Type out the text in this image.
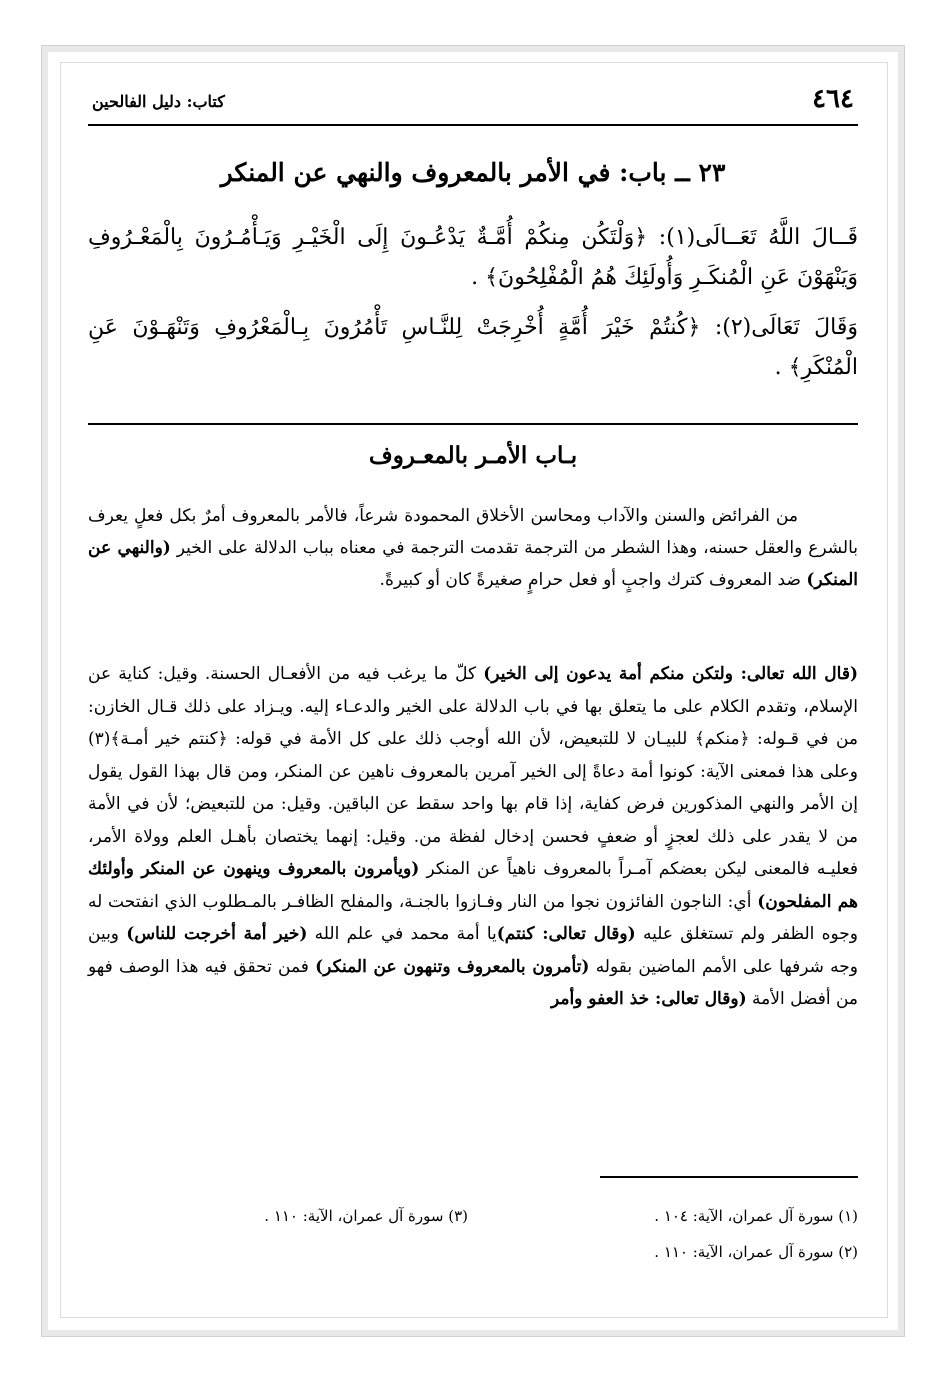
٤٦٤
كتاب: دليل الفالحين
٢٣ ــ باب: في الأمر بالمعروف والنهي عن المنكر
قَــالَ اللَّهُ تَعَــالَى(١): ﴿وَلْتَكُن مِنكُمْ أُمَّـةٌ يَدْعُـونَ إِلَى الْخَيْـرِ وَيَـأْمُـرُونَ بِالْمَعْـرُوفِ وَيَنْهَوْنَ عَنِ الْمُنكَـرِ وَأُولَئِكَ هُمُ الْمُفْلِحُونَ﴾ .
وَقَالَ تَعَالَى(٢): ﴿كُنتُمْ خَيْرَ أُمَّةٍ أُخْرِجَتْ لِلنَّـاسِ تَأْمُرُونَ بِـالْمَعْرُوفِ وَتَنْهَـوْنَ عَنِ الْمُنْكَرِ﴾ .
بـاب الأمـر بالمعـروف

من الفرائض والسنن والآداب ومحاسن الأخلاق المحمودة شرعاً، فالأمر بالمعروف أمرٌ بكل فعلٍ يعرف بالشرع والعقل حسنه، وهذا الشطر من الترجمة تقدمت الترجمة في معناه بباب الدلالة على الخير (والنهي عن المنكر) ضد المعروف كترك واجبٍ أو فعل حرامٍ صغيرةً كان أو كبيرةً.

(قال الله تعالى: ولتكن منكم أمة يدعون إلى الخير) كلّ ما يرغب فيه من الأفعـال الحسنة. وقيل: كناية عن الإسلام، وتقدم الكلام على ما يتعلق بها في باب الدلالة على الخير والدعـاء إليه. ويـزاد على ذلك قـال الخازن: من في قـوله: ﴿منكم﴾ للبيـان لا للتبعيض، لأن الله أوجب ذلك على كل الأمة في قوله: ﴿كنتم خير أمـة﴾(٣) وعلى هذا فمعنى الآية: كونوا أمة دعاةً إلى الخير آمرين بالمعروف ناهين عن المنكر، ومن قال بهذا القول يقول إن الأمر والنهي المذكورين فرض كفاية، إذا قام بها واحد سقط عن الباقين. وقيل: من للتبعيض؛ لأن في الأمة من لا يقدر على ذلك لعجزٍ أو ضعفٍ فحسن إدخال لفظة من. وقيل: إنهما يختصان بأهـل العلم وولاة الأمر، فعليـه فالمعنى ليكن بعضكم آمـراً بالمعروف ناهياً عن المنكر (ويأمرون بالمعروف وينهون عن المنكر وأولئك هم المفلحون) أي: الناجون الفائزون نجوا من النار وفـازوا بالجنـة، والمفلح الظافـر بالمـطلوب الذي انفتحت له وجوه الظفر ولم تستغلق عليه (وقال تعالى: كنتم)يا أمة محمد في علم الله (خير أمة أخرجت للناس) وبين وجه شرفها على الأمم الماضين بقوله (تأمرون بالمعروف وتنهون عن المنكر) فمن تحقق فيه هذا الوصف فهو من أفضل الأمة (وقال تعالى: خذ العفو وأمر
(١) سورة آل عمران، الآية: ١٠٤ .
(٣) سورة آل عمران، الآية: ١١٠ .
(٢) سورة آل عمران، الآية: ١١٠ .
